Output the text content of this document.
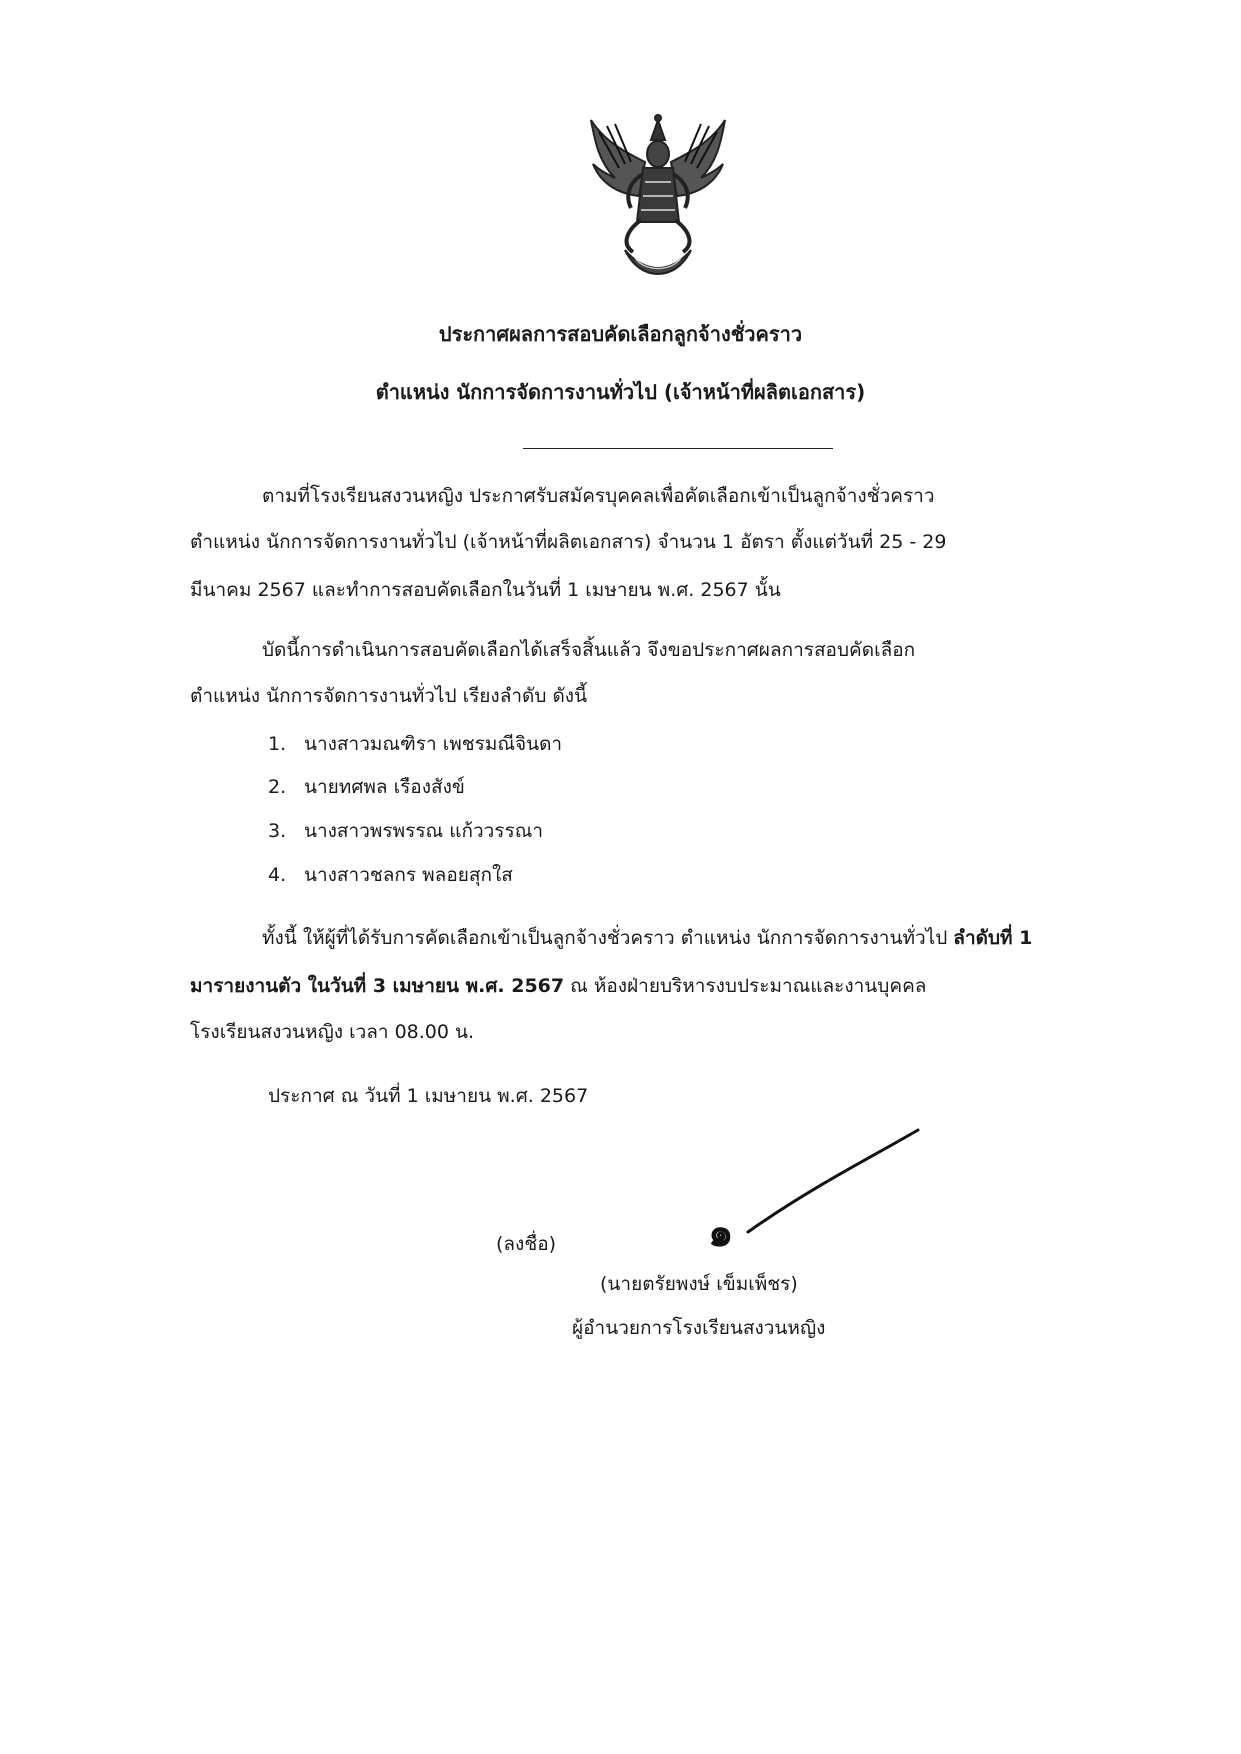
ประกาศผลการสอบคัดเลือกลูกจ้างชั่วคราว
ตำแหน่ง นักการจัดการงานทั่วไป (เจ้าหน้าที่ผลิตเอกสาร)
ตามที่โรงเรียนสงวนหญิง ประกาศรับสมัครบุคคลเพื่อคัดเลือกเข้าเป็นลูกจ้างชั่วคราว
ตำแหน่ง นักการจัดการงานทั่วไป (เจ้าหน้าที่ผลิตเอกสาร) จำนวน 1 อัตรา ตั้งแต่วันที่ 25 - 29
มีนาคม 2567 และทำการสอบคัดเลือกในวันที่ 1 เมษายน พ.ศ. 2567 นั้น
บัดนี้การดำเนินการสอบคัดเลือกได้เสร็จสิ้นแล้ว จึงขอประกาศผลการสอบคัดเลือก
ตำแหน่ง นักการจัดการงานทั่วไป เรียงลำดับ ดังนี้
1. นางสาวมณฑิรา เพชรมณีจินดา
2. นายทศพล เรืองสังข์
3. นางสาวพรพรรณ แก้ววรรณา
4. นางสาวชลกร พลอยสุกใส
ทั้งนี้ ให้ผู้ที่ได้รับการคัดเลือกเข้าเป็นลูกจ้างชั่วคราว ตำแหน่ง นักการจัดการงานทั่วไป ลำดับที่ 1
มารายงานตัว ในวันที่ 3 เมษายน พ.ศ. 2567 ณ ห้องฝ่ายบริหารงบประมาณและงานบุคคล
โรงเรียนสงวนหญิง เวลา 08.00 น.
ประกาศ ณ วันที่ 1 เมษายน พ.ศ. 2567
๑
(ลงชื่อ)
(นายตรัยพงษ์ เข็มเพ็ชร)
ผู้อำนวยการโรงเรียนสงวนหญิง
